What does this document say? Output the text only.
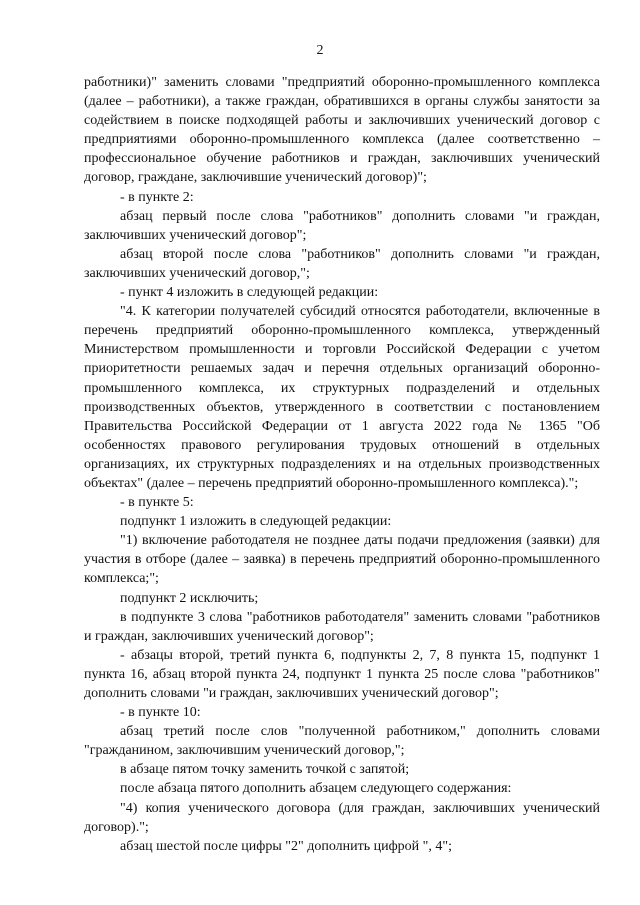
2

работники)" заменить словами "предприятий оборонно-промышленного комплекса (далее – работники), а также граждан, обратившихся в органы службы занятости за содействием в поиске подходящей работы и заключивших ученический договор с предприятиями оборонно-промышленного комплекса (далее соответственно – профессиональное обучение работников и граждан, заключивших ученический договор, граждане, заключившие ученический договор)";

- в пункте 2:

абзац первый после слова "работников" дополнить словами "и граждан, заключивших ученический договор";

абзац второй после слова "работников" дополнить словами "и граждан, заключивших ученический договор,";

- пункт 4 изложить в следующей редакции:

"4. К категории получателей субсидий относятся работодатели, включенные в перечень предприятий оборонно-промышленного комплекса, утвержденный Министерством промышленности и торговли Российской Федерации с учетом приоритетности решаемых задач и перечня отдельных организаций оборонно-промышленного комплекса, их структурных подразделений и отдельных производственных объектов, утвержденного в соответствии с постановлением Правительства Российской Федерации от 1 августа 2022 года № 1365 "Об особенностях правового регулирования трудовых отношений в отдельных организациях, их структурных подразделениях и на отдельных производственных объектах" (далее – перечень предприятий оборонно-промышленного комплекса).";

- в пункте 5:

подпункт 1 изложить в следующей редакции:

"1) включение работодателя не позднее даты подачи предложения (заявки) для участия в отборе (далее – заявка) в перечень предприятий оборонно-промышленного комплекса;";

подпункт 2 исключить;

в подпункте 3 слова "работников работодателя" заменить словами "работников и граждан, заключивших ученический договор";

- абзацы второй, третий пункта 6, подпункты 2, 7, 8 пункта 15, подпункт 1 пункта 16, абзац второй пункта 24, подпункт 1 пункта 25 после слова "работников" дополнить словами "и граждан, заключивших ученический договор";

- в пункте 10:

абзац третий после слов "полученной работником," дополнить словами "гражданином, заключившим ученический договор,";

в абзаце пятом точку заменить точкой с запятой;

после абзаца пятого дополнить абзацем следующего содержания:

"4) копия ученического договора (для граждан, заключивших ученический договор).";

абзац шестой после цифры "2" дополнить цифрой ", 4";
